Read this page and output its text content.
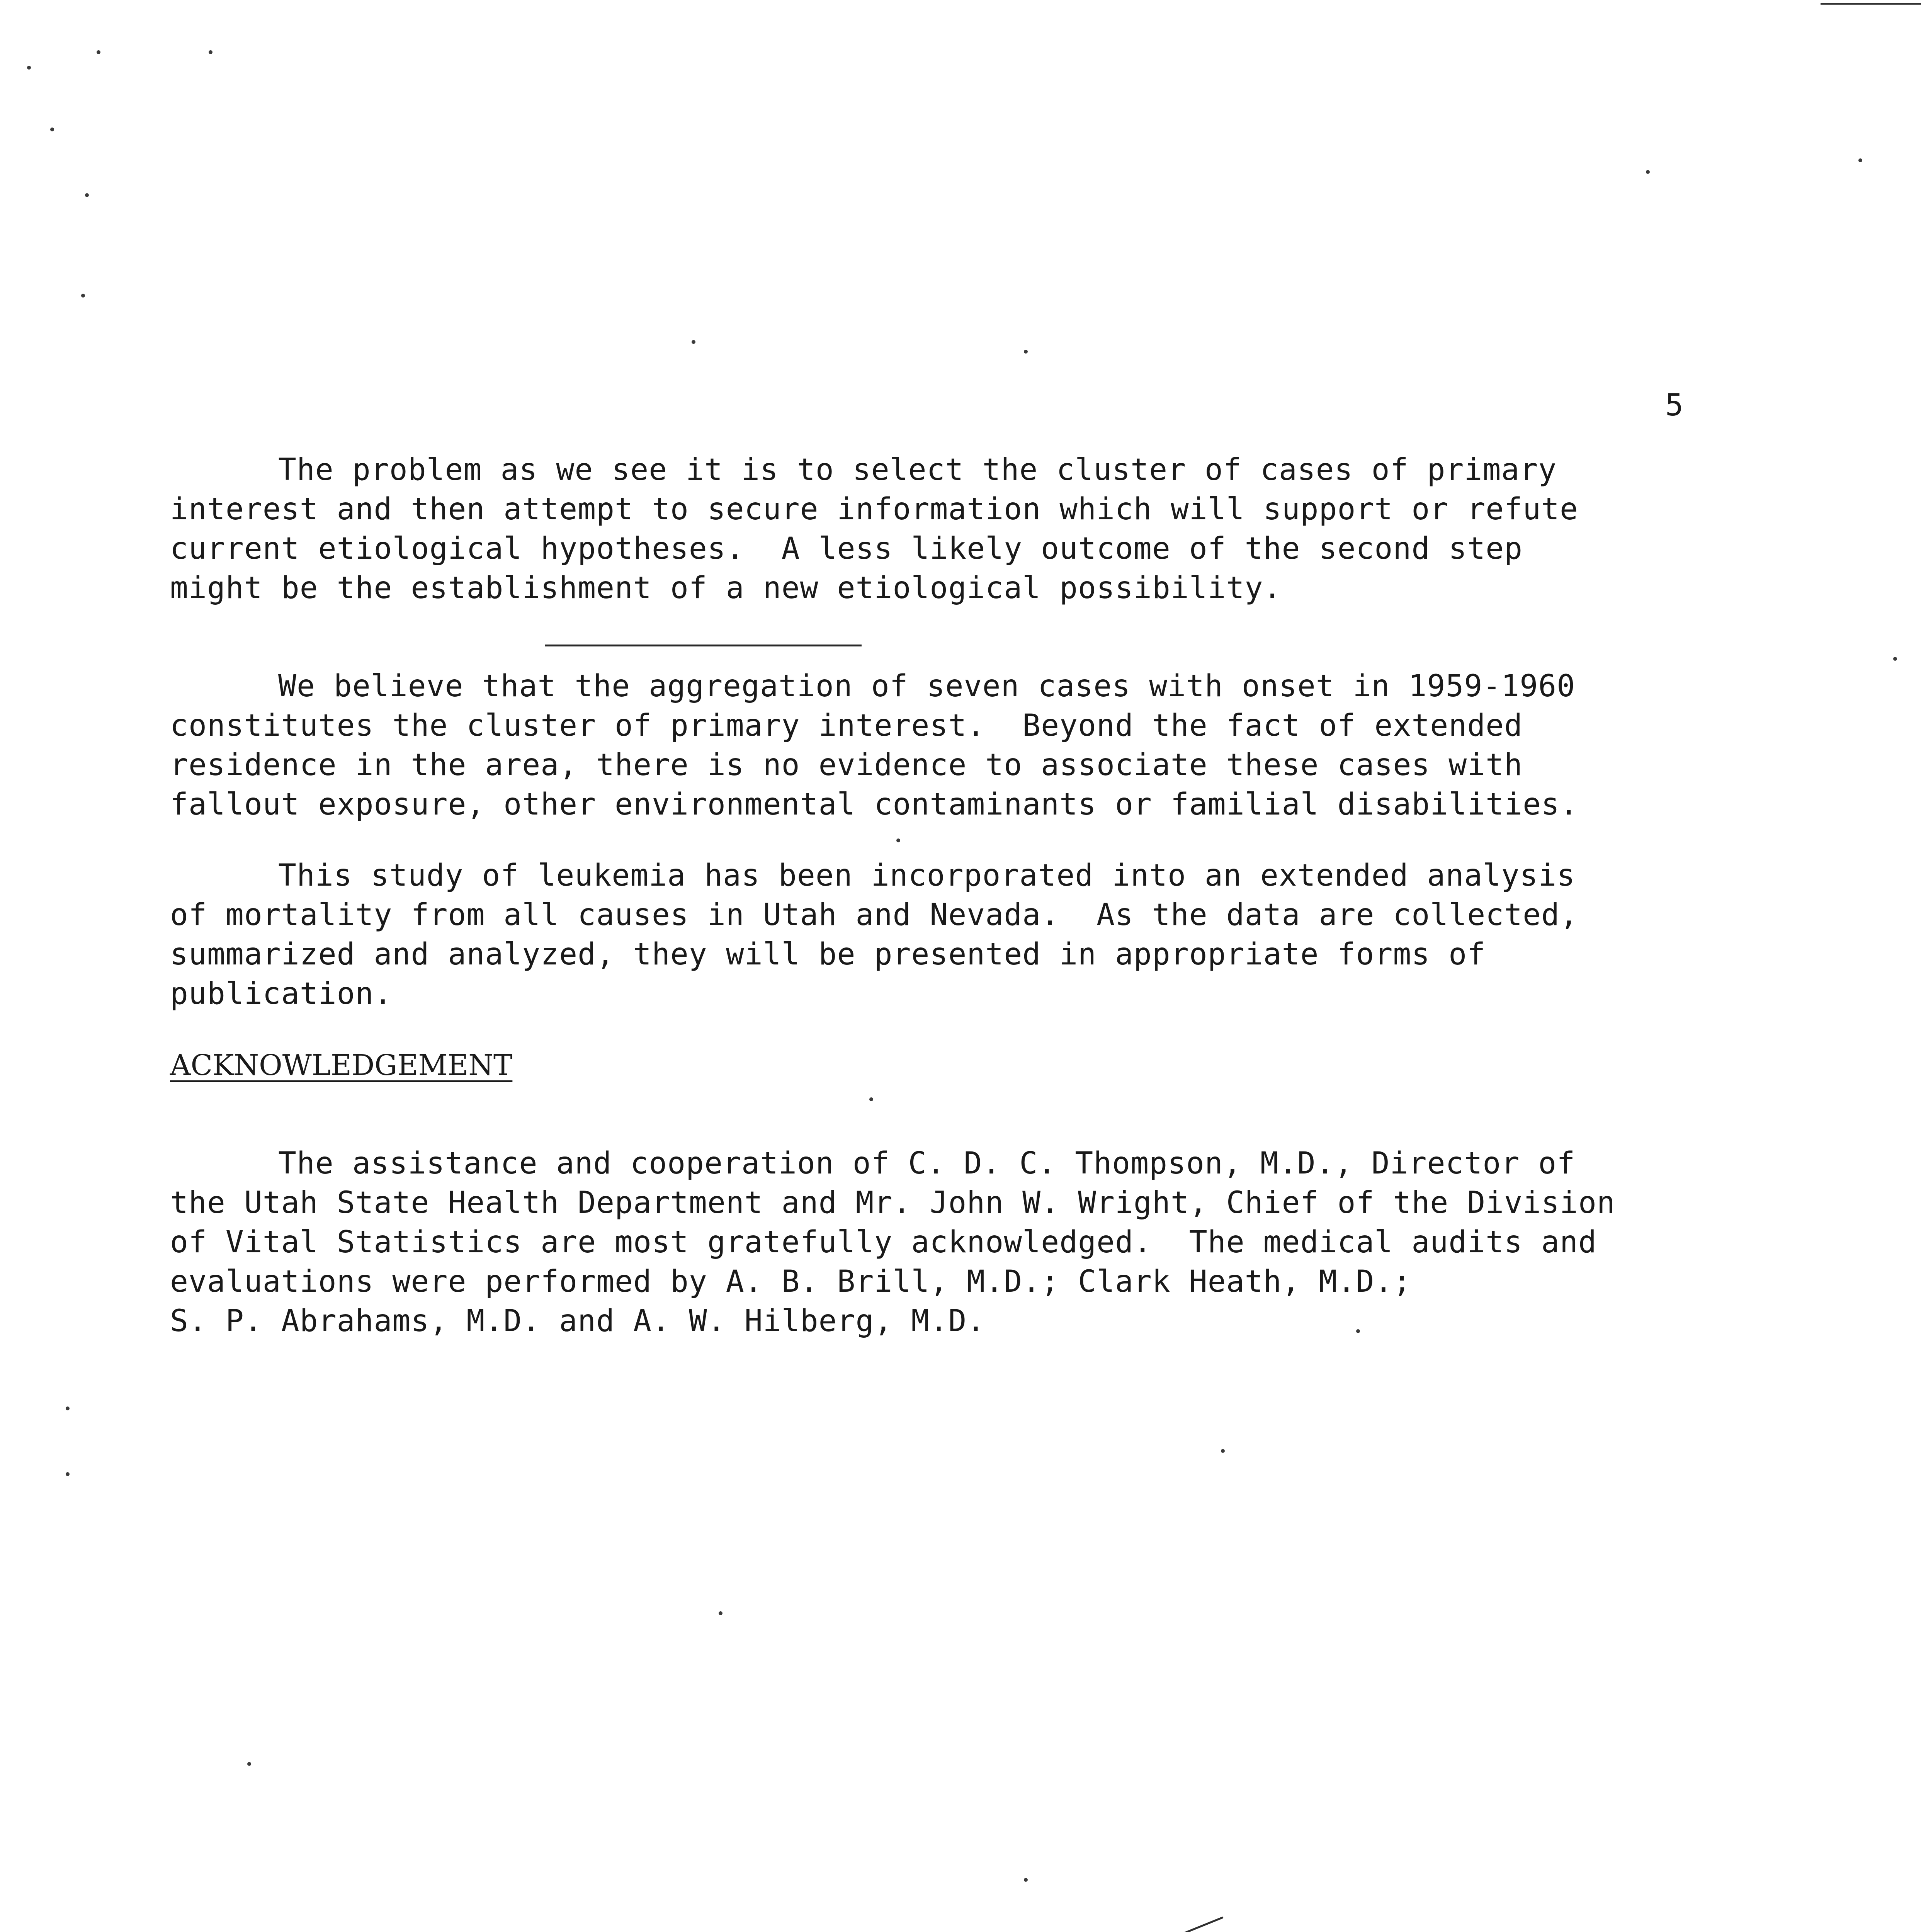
5

The problem as we see it is to select the cluster of cases of primary
interest and then attempt to secure information which will support or refute
current etiological hypotheses.  A less likely outcome of the second step
might be the establishment of a new etiological possibility.

We believe that the aggregation of seven cases with onset in 1959-1960
constitutes the cluster of primary interest.  Beyond the fact of extended
residence in the area, there is no evidence to associate these cases with
fallout exposure, other environmental contaminants or familial disabilities.

This study of leukemia has been incorporated into an extended analysis
of mortality from all causes in Utah and Nevada.  As the data are collected,
summarized and analyzed, they will be presented in appropriate forms of
publication.

ACKNOWLEDGEMENT

The assistance and cooperation of C. D. C. Thompson, M.D., Director of
the Utah State Health Department and Mr. John W. Wright, Chief of the Division
of Vital Statistics are most gratefully acknowledged.  The medical audits and
evaluations were performed by A. B. Brill, M.D.; Clark Heath, M.D.;
S. P. Abrahams, M.D. and A. W. Hilberg, M.D.
